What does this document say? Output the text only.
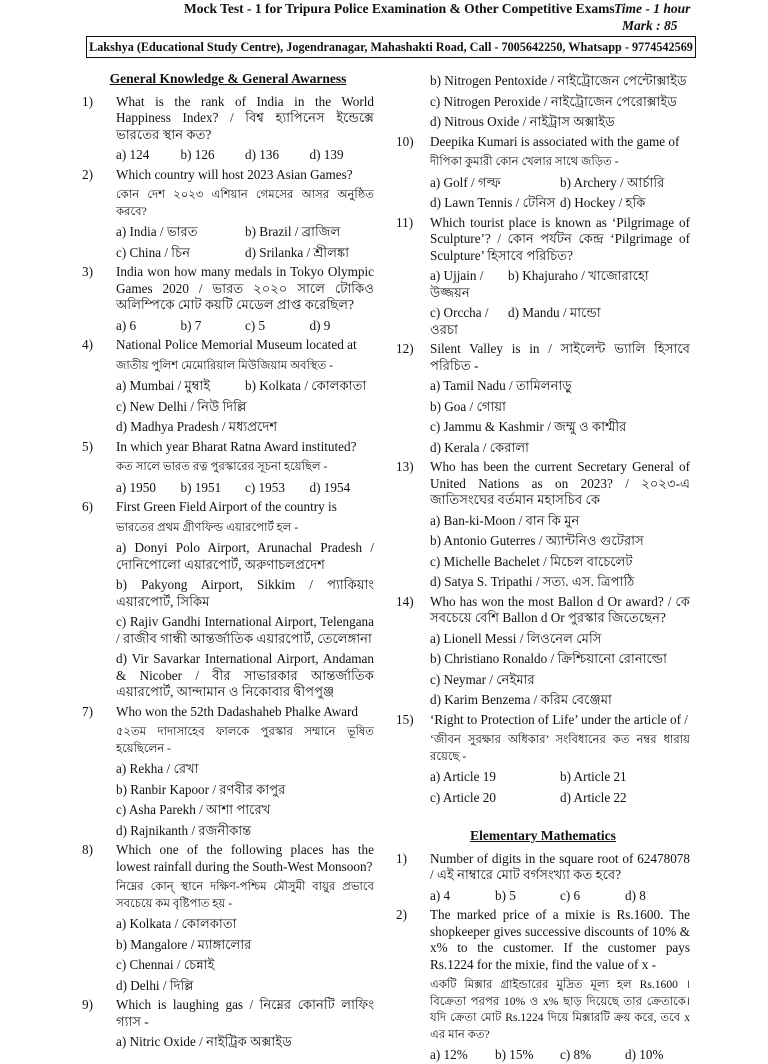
Mock Test - 1 for Tripura Police Examination & Other Competitive Exams Time - 1 hour
Mark : 85
Lakshya (Educational Study Centre), Jogendranagar, Mahashakti Road, Call - 7005642250, Whatsapp - 9774542569
General Knowledge & General Awarness
1) What is the rank of India in the World Happiness Index? / বিশ্ব হ্যাপিনেস ইন্ডেক্সে ভারতের স্থান কত?
a) 124	b) 126	d) 136	d) 139
2) Which country will host 2023 Asian Games?
কোন দেশ ২০২৩ এশিয়ান গেমসের আসর অনুষ্ঠিত করবে?
a) India / ভারত	b) Brazil / ব্রাজিল
c) China / চিন	d) Srilanka / শ্রীলঙ্কা
3) India won how many medals in Tokyo Olympic Games 2020 / ভারত ২০২০ সালে টোকিও অলিম্পিকে মোট কয়টি মেডেল প্রাপ্ত করেছিল?
a) 6	b) 7	c) 5	d) 9
4) National Police Memorial Museum located at
জাতীয় পুলিশ মেমোরিয়াল মিউজিয়াম অবস্থিত -
a) Mumbai / মুম্বাই	b) Kolkata / কোলকাতা
c) New Delhi / নিউ দিল্লি
d) Madhya Pradesh / মধ্যপ্রদেশ
5) In which year Bharat Ratna Award instituted?
কত সালে ভারত রত্ন পুরস্কারের সূচনা হয়েছিল -
a) 1950	b) 1951	c) 1953	d) 1954
6) First Green Field Airport of the country is
ভারতের প্রথম গ্রীণফিল্ড এয়ারপোর্ট হল -
a) Donyi Polo Airport, Arunachal Pradesh / দোনিপোলো এয়ারপোর্ট, অরুণাচলপ্রদেশ
b) Pakyong Airport, Sikkim / প্যাকিয়াং এয়ারপোর্ট, সিকিম
c) Rajiv Gandhi International Airport, Telengana / রাজীব গান্ধী আন্তর্জাতিক এয়ারপোর্ট, তেলেঙ্গানা
d) Vir Savarkar International Airport, Andaman & Nicober / বীর সাভারকার আন্তর্জাতিক এয়ারপোর্ট, আন্দামান ও নিকোবার দ্বীপপুঞ্জ
7) Who won the 52th Dadashaheb Phalke Award
৫২তম দাদাসাহেব ফালকে পুরস্কার সম্মানে ভূষিত হয়েছিলেন -
a) Rekha / রেখা
b) Ranbir Kapoor / রণবীর কাপুর
c) Asha Parekh / আশা পারেখ
d) Rajnikanth / রজনীকান্ত
8) Which one of the following places has the lowest rainfall during the South-West Monsoon?
নিম্নের কোন্ স্থানে দক্ষিণ-পশ্চিম মৌসুমী বায়ুর প্রভাবে সবচেয়ে কম বৃষ্টিপাত হয় -
a) Kolkata / কোলকাতা
b) Mangalore / ম্যাঙ্গালোর
c) Chennai / চেন্নাই
d) Delhi / দিল্লি
9) Which is laughing gas / নিম্নের কোনটি লাফিং গ্যাস -
a) Nitric Oxide / নাইট্রিক অক্সাইড
b) Nitrogen Pentoxide / নাইট্রোজেন পেন্টোক্সাইড
c) Nitrogen Peroxide / নাইট্রোজেন পেরোক্সাইড
d) Nitrous Oxide / নাইট্রাস অক্সাইড
10) Deepika Kumari is associated with the game of
দীপিকা কুমারী কোন খেলার সাথে জড়িত -
a) Golf / গল্ফ	b) Archery / আর্চারি
d) Lawn Tennis / টেনিস d) Hockey / হকি
11) Which tourist place is known as ‘Pilgrimage of Sculpture’? / কোন পর্যটন কেন্দ্র ‘Pilgrimage of Sculpture’ হিসাবে পরিচিত?
a) Ujjain /উজ্জয়ন
b) Khajuraho / খাজোরাহো
c) Orccha / ওরচা
d) Mandu / মান্ডো
12) Silent Valley is in / সাইলেন্ট ভ্যালি হিসাবে পরিচিত -
a) Tamil Nadu / তামিলনাড়ু
b) Goa / গোয়া
c) Jammu & Kashmir / জম্মু ও কাশ্মীর
d) Kerala / কেরালা
13) Who has been the current Secretary General of United Nations as on 2023? / ২০২৩-এ জাতিসংঘের বর্তমান মহাসচিব কে
a) Ban-ki-Moon / বান কি মুন
b) Antonio Guterres / অ্যান্টনিও গুটেরাস
c) Michelle Bachelet / মিচেল বাচেলেট
d) Satya S. Tripathi / সত্য. এস. ত্রিপাঠি
14) Who has won the most Ballon d Or award? / কে সবচেয়ে বেশি Ballon d Or পুরস্কার জিতেছেন?
a) Lionell Messi / লিওনেল মেসি
b) Christiano Ronaldo / ক্রিশ্চিয়ানো রোনাল্ডো
c) Neymar / নেইমার
d) Karim Benzema / করিম বেঞ্জেমা
15) ‘Right to Protection of Life’ under the article of /
‘জীবন সুরক্ষার অধিকার’ সংবিধানের কত নম্বর ধারায় রয়েছে -
a) Article 19	b) Article 21
c) Article 20	d) Article 22
Elementary Mathematics
1) Number of digits in the square root of 62478078 / এই নাম্বারে মোট বর্গসংখ্যা কত হবে?
a) 4	b) 5	c) 6	d) 8
2) The marked price of a mixie is Rs.1600. The shopkeeper gives successive discounts of 10% & x% to the customer. If the customer pays Rs.1224 for the mixie, find the value of x -
একটি মিক্সার গ্রাইন্ডারের মুদ্রিত মূল্য হল Rs.1600 । বিক্রেতা পরপর 10% ও x% ছাড় দিয়েছে তার ক্রেতাকে। যদি ক্রেতা মোট Rs.1224 দিয়ে মিক্সারটি ক্রয় করে, তবে x এর মান কত?
a) 12%	b) 15%	c) 8%	d) 10%
